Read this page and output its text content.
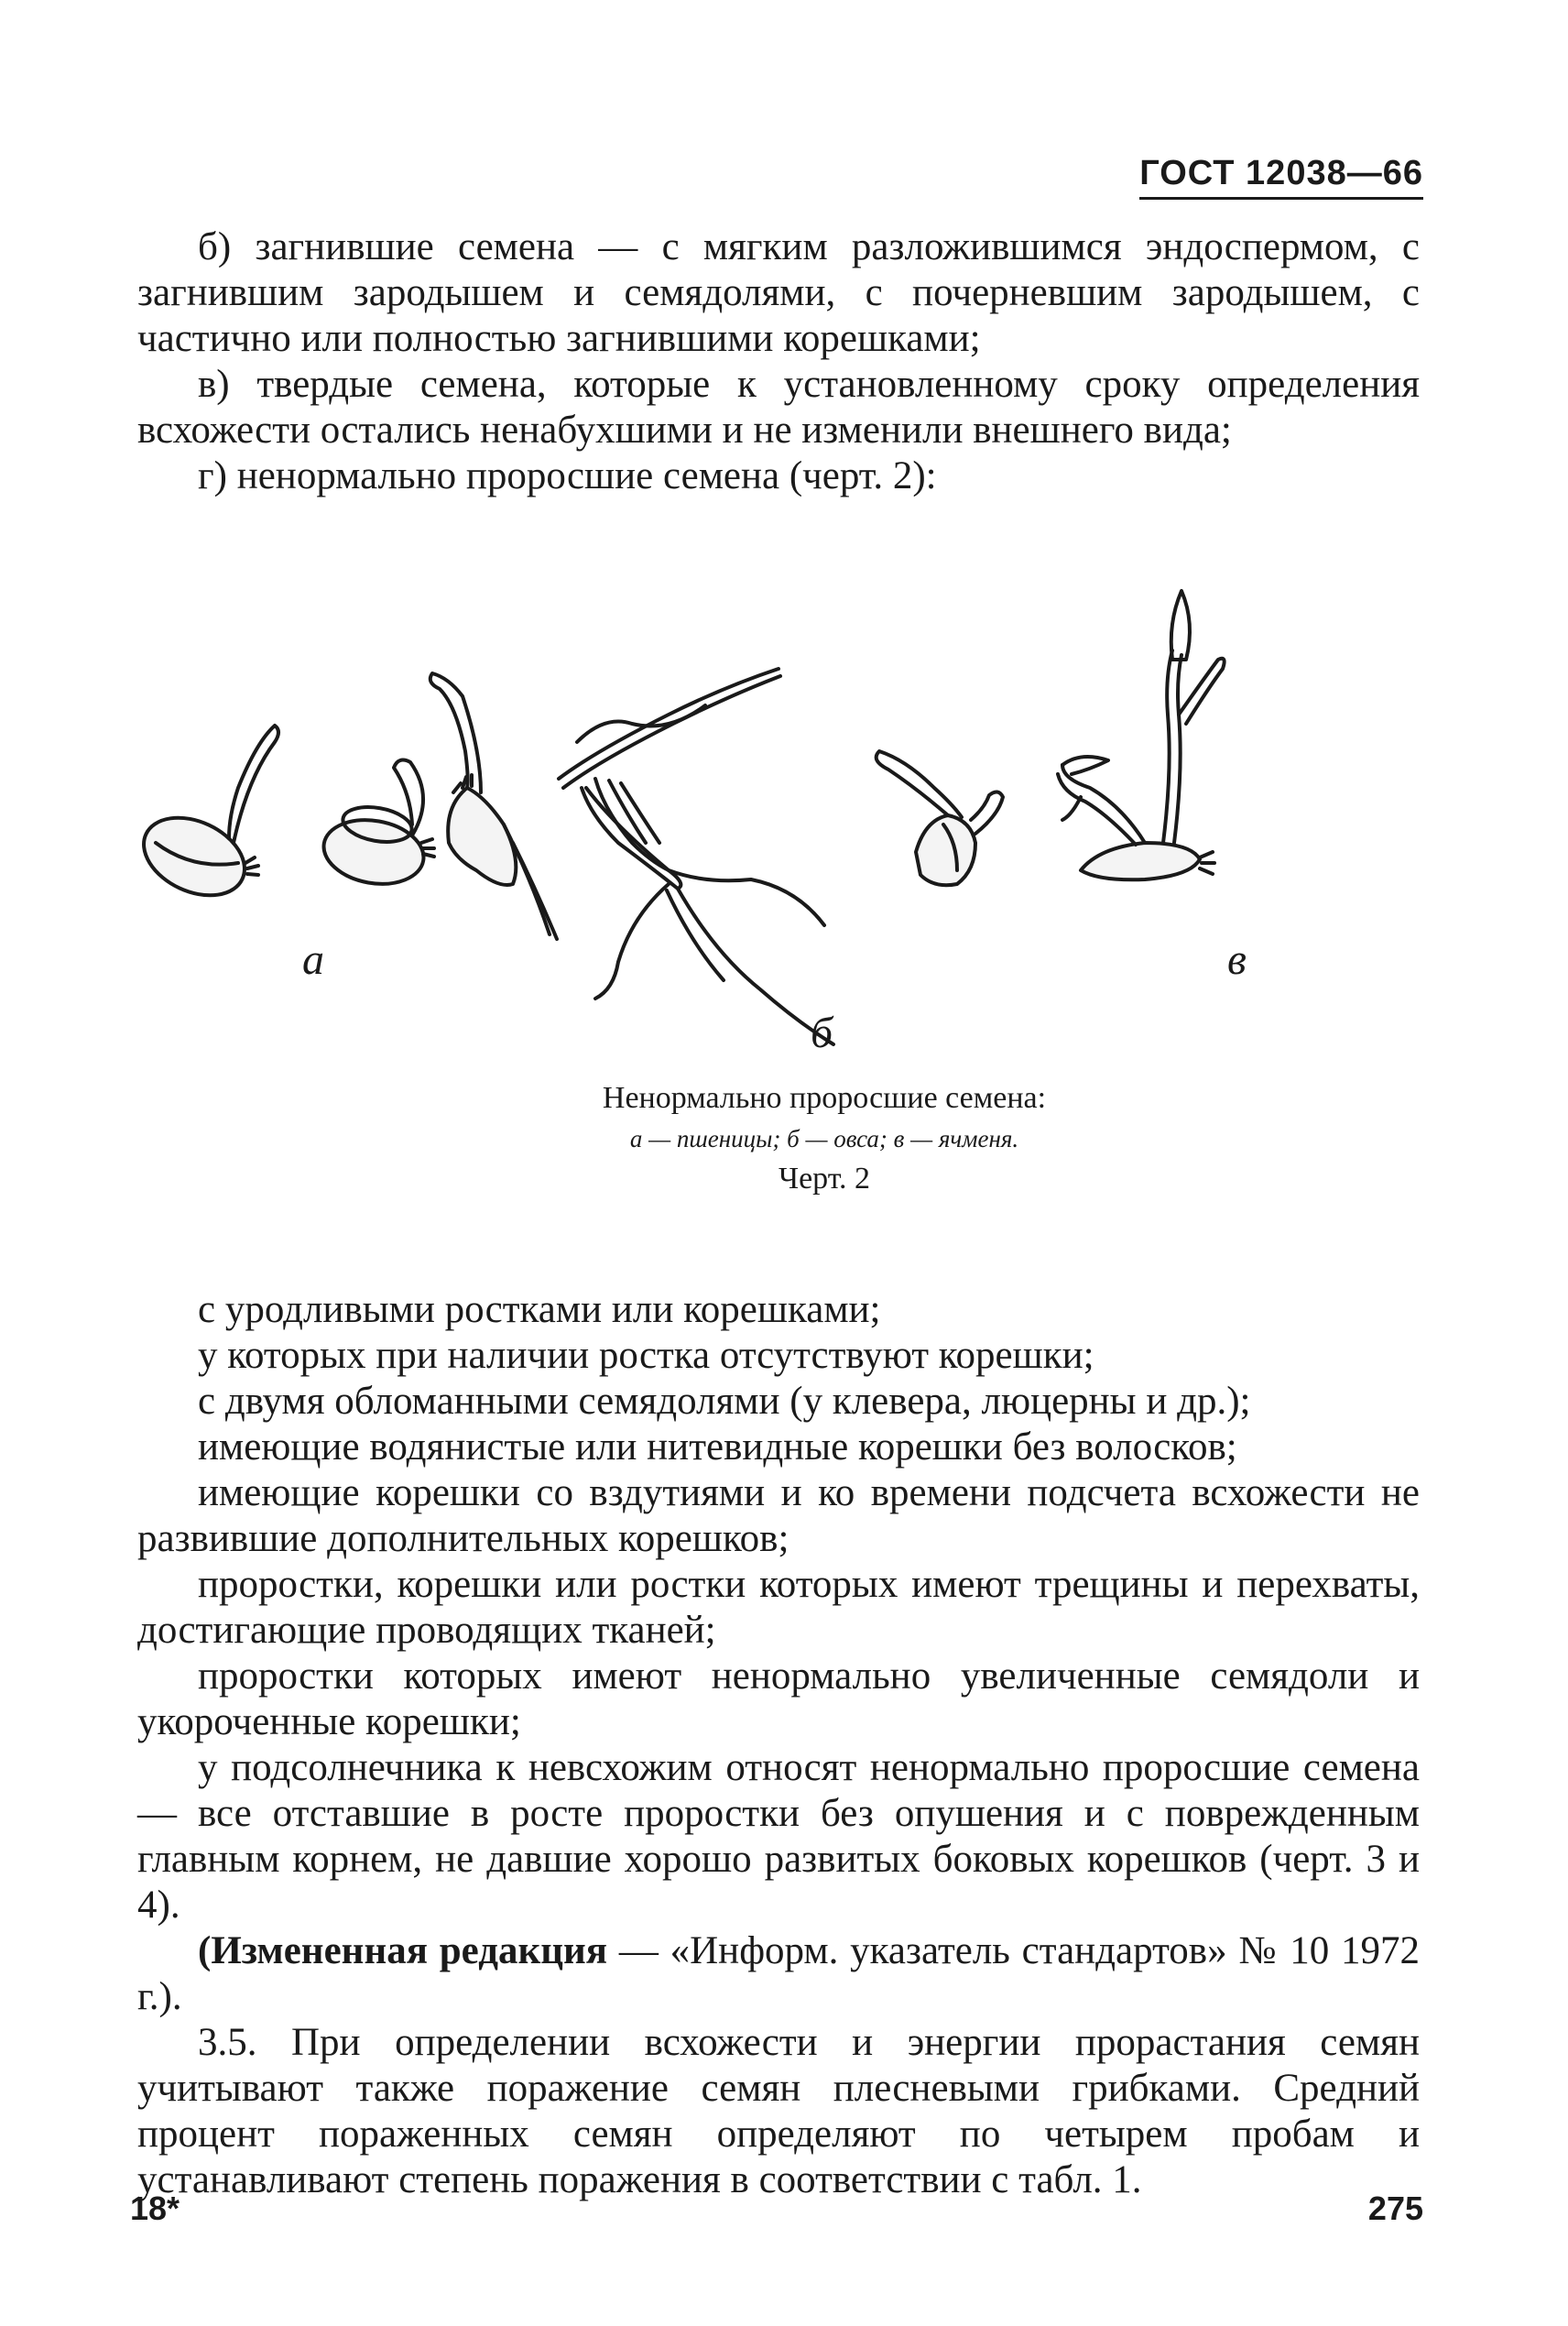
ГОСТ 12038—66

б) загнившие семена — с мягким разложившимся эндоспермом, с загнившим зародышем и семядолями, с почерневшим зародышем, с частично или полностью загнившими корешками;

в) твердые семена, которые к установленному сроку определения всхожести остались ненабухшими и не изменили внешнего вида;

г) ненормально проросшие семена (черт. 2):

а
б
в
Ненормально проросшие семена:
а — пшеницы; б — овса; в — ячменя.
Черт. 2

с уродливыми ростками или корешками;

у которых при наличии ростка отсутствуют корешки;

с двумя обломанными семядолями (у клевера, люцерны и др.);

имеющие водянистые или нитевидные корешки без волосков;

имеющие корешки со вздутиями и ко времени подсчета всхожести не развившие дополнительных корешков;

проростки, корешки или ростки которых имеют трещины и перехваты, достигающие проводящих тканей;

проростки которых имеют ненормально увеличенные семядоли и укороченные корешки;

у подсолнечника к невсхожим относят ненормально проросшие семена — все отставшие в росте проростки без опушения и с поврежденным главным корнем, не давшие хорошо развитых боковых корешков (черт. 3 и 4).

(Измененная редакция — «Информ. указатель стандартов» № 10 1972 г.).

3.5. При определении всхожести и энергии прорастания семян учитывают также поражение семян плесневыми грибками. Средний процент пораженных семян определяют по четырем пробам и устанавливают степень поражения в соответствии с табл. 1.

18*	275
